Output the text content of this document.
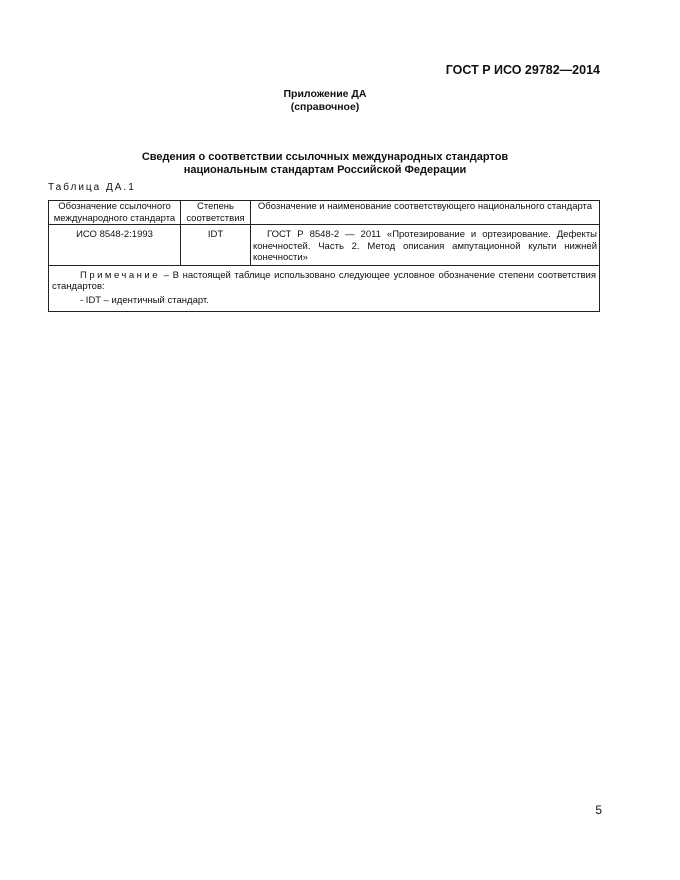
ГОСТ Р ИСО 29782—2014
Приложение ДА
(справочное)
Сведения о соответствии ссылочных международных стандартов
национальным стандартам Российской Федерации
Таблица ДА.1
Обозначение ссылочного международного стандарта	Степень соответствия	Обозначение и наименование соответствующего национального стандарта
ИСО 8548-2:1993	IDT	ГОСТ Р 8548-2 — 2011 «Протезирование и ортезирование. Дефекты конечностей. Часть 2. Метод описания ампутационной культи нижней конечности»

Примечание – В настоящей таблице использовано следующее условное обозначение степени соответствия стандартов:

- IDT – идентичный стандарт.		

5
